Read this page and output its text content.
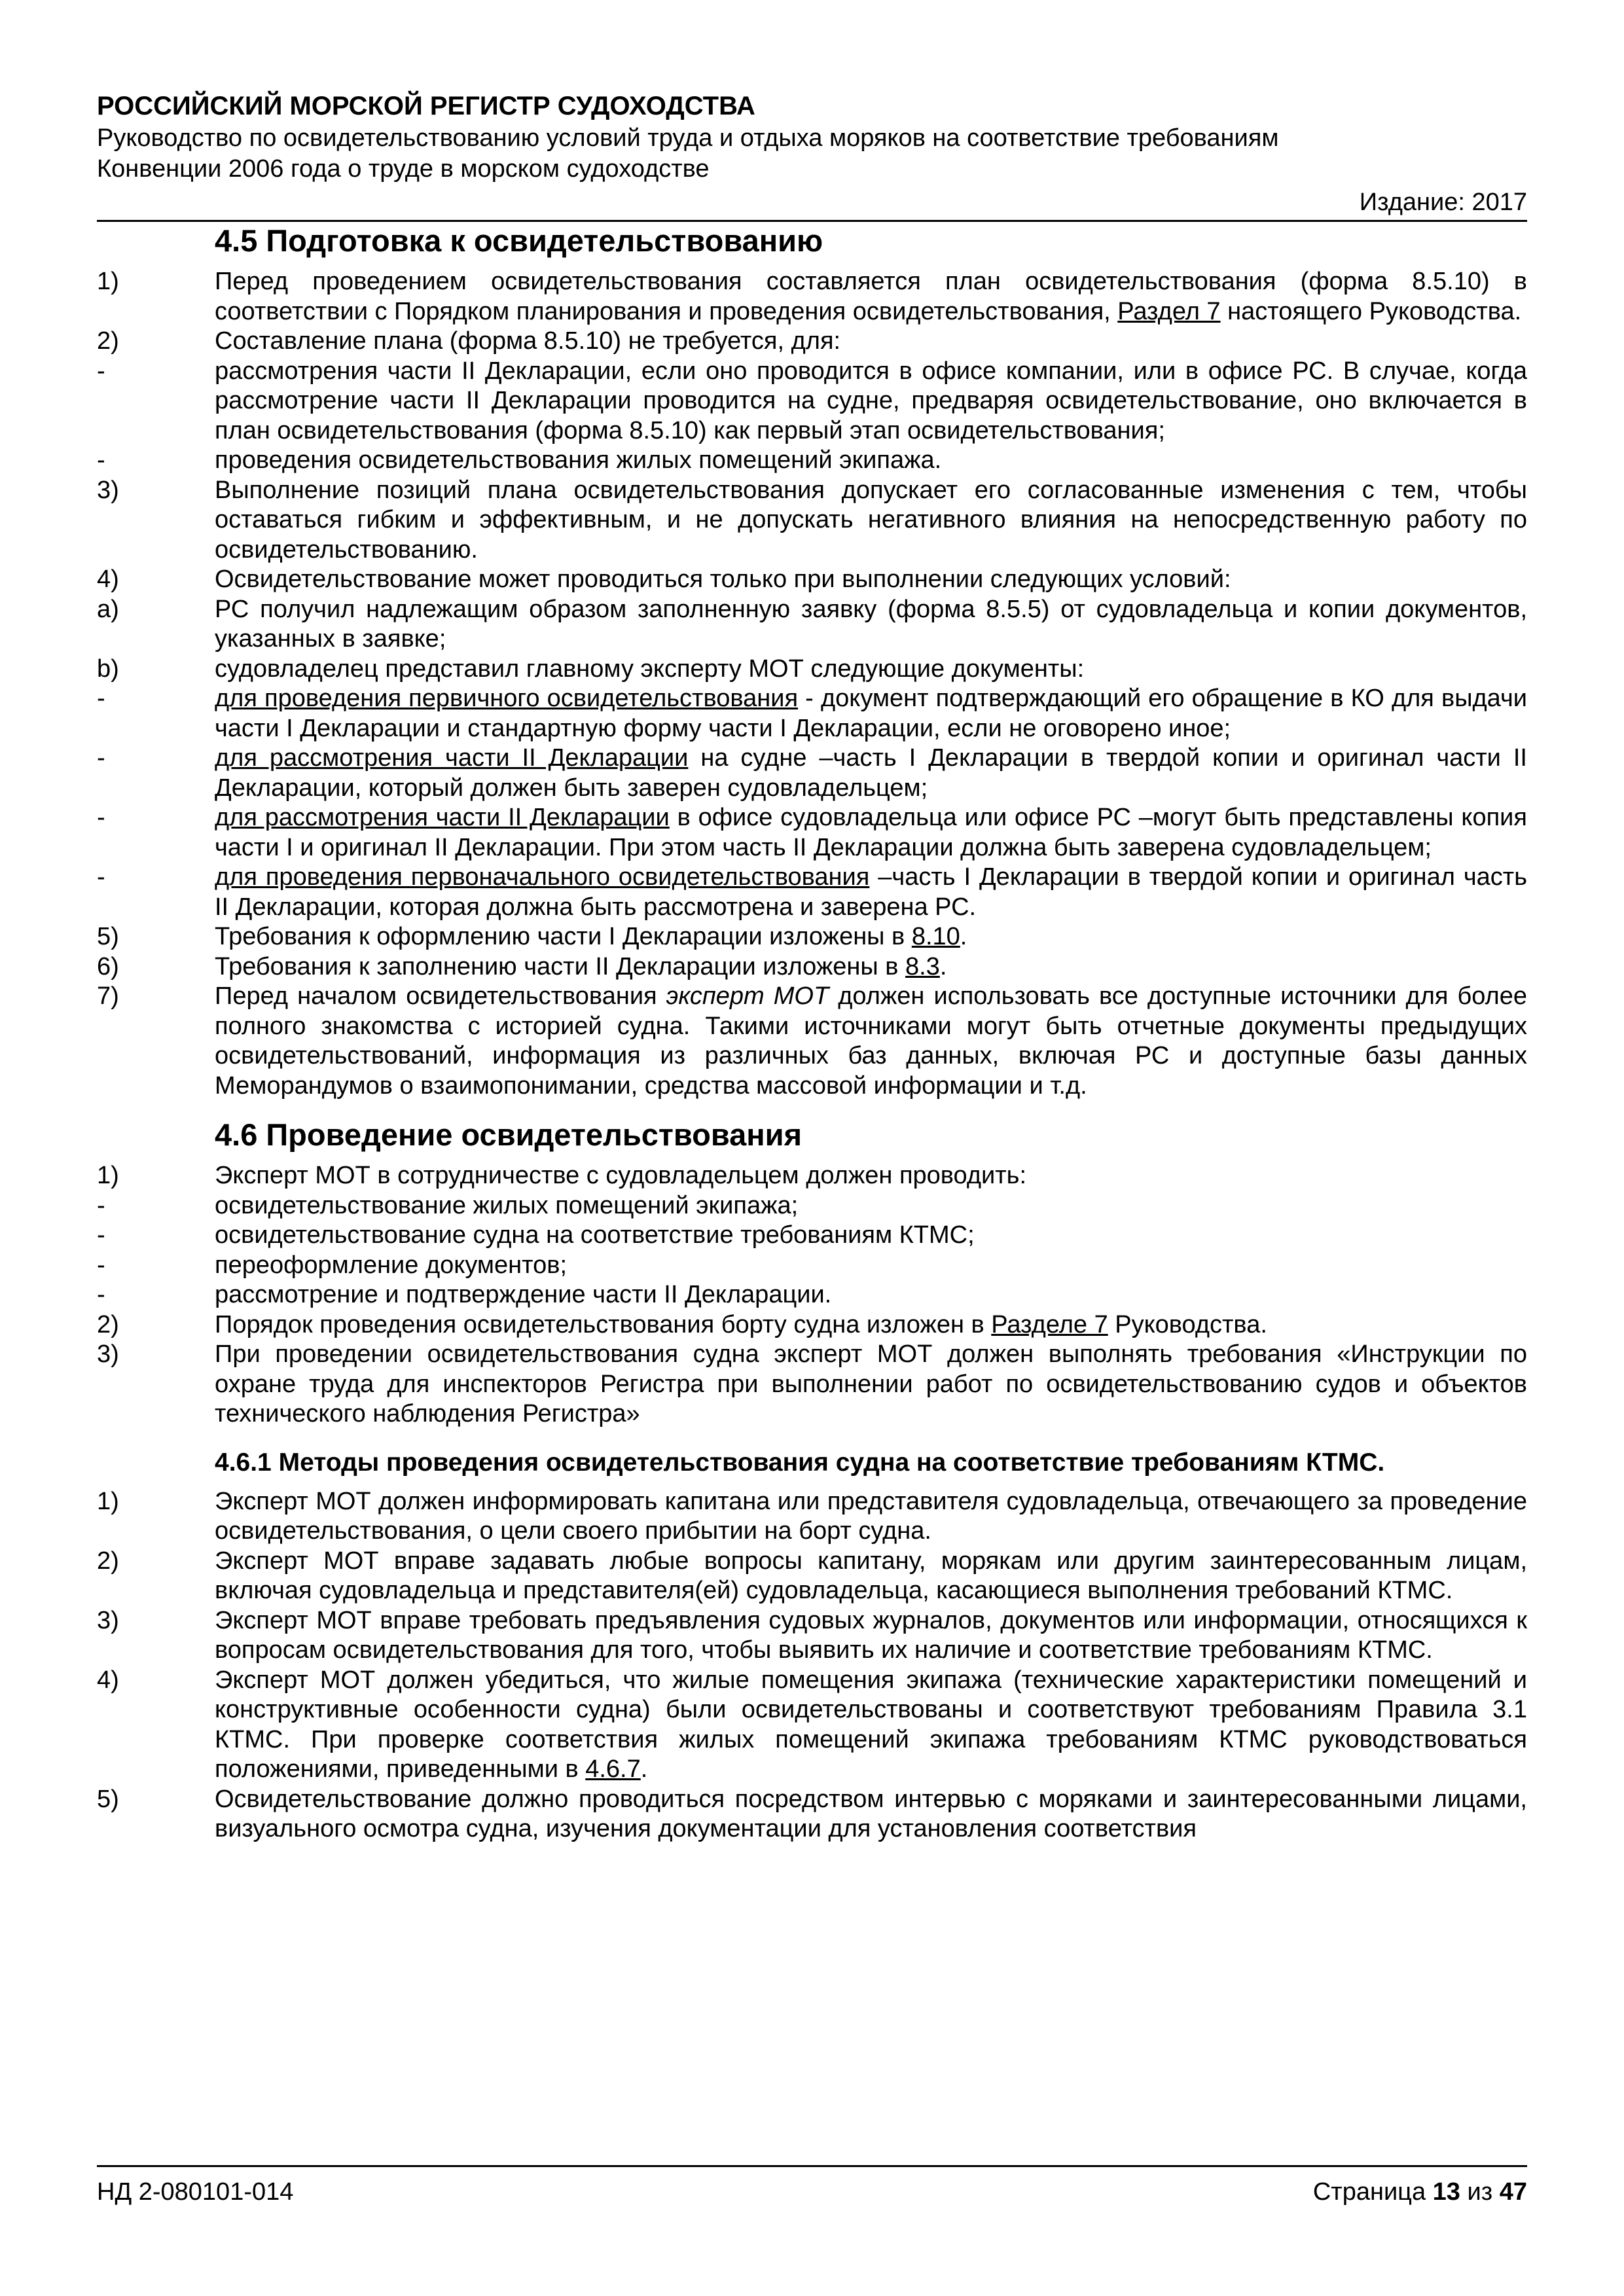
РОССИЙСКИЙ МОРСКОЙ РЕГИСТР СУДОХОДСТВА
Руководство по освидетельствованию условий труда и отдыха моряков на соответствие требованиям
Конвенции 2006 года о труде в морском судоходстве
Издание: 2017
4.5 Подготовка к освидетельствованию
1)	Перед проведением освидетельствования составляется план освидетельствования (форма 8.5.10) в соответствии с Порядком планирования и проведения освидетельствования, Раздел 7 настоящего Руководства.
2)	Составление плана (форма 8.5.10) не требуется, для:
-	рассмотрения части II Декларации, если оно проводится в офисе компании, или в офисе РС. В случае, когда рассмотрение части II Декларации проводится на судне, предваряя освидетельствование, оно включается в план освидетельствования (форма 8.5.10) как первый этап освидетельствования;
-	проведения освидетельствования жилых помещений экипажа.
3)	Выполнение позиций плана освидетельствования допускает его согласованные изменения с тем, чтобы оставаться гибким и эффективным, и не допускать негативного влияния на непосредственную работу по освидетельствованию.
4)	Освидетельствование может проводиться только при выполнении следующих условий:
a)	РС получил надлежащим образом заполненную заявку (форма 8.5.5) от судовладельца и копии документов, указанных в заявке;
b)	судовладелец представил главному эксперту МОТ следующие документы:
-	для проведения первичного освидетельствования - документ подтверждающий его обращение в КО для выдачи части I Декларации и стандартную форму части I Декларации, если не оговорено иное;
-	для рассмотрения части II Декларации на судне –часть I Декларации в твердой копии и оригинал части II Декларации, который должен быть заверен судовладельцем;
-	для рассмотрения части II Декларации в офисе судовладельца или офисе РС –могут быть представлены копия части I и оригинал II Декларации. При этом часть II Декларации должна быть заверена судовладельцем;
-	для проведения первоначального освидетельствования –часть I Декларации в твердой копии и оригинал часть II Декларации, которая должна быть рассмотрена и заверена РС.
5)	Требования к оформлению части I Декларации изложены в 8.10.
6)	Требования к заполнению части II Декларации изложены в 8.3.
7)	Перед началом освидетельствования эксперт МОТ должен использовать все доступные источники для более полного знакомства с историей судна. Такими источниками могут быть отчетные документы предыдущих освидетельствований, информация из различных баз данных, включая РС и доступные базы данных Меморандумов о взаимопонимании, средства массовой информации и т.д.
4.6 Проведение освидетельствования
1)	Эксперт МОТ в сотрудничестве с судовладельцем должен проводить:
-	освидетельствование жилых помещений экипажа;
-	освидетельствование судна на соответствие требованиям КТМС;
-	переоформление документов;
-	рассмотрение и подтверждение части II Декларации.
2)	Порядок проведения освидетельствования борту судна изложен в Разделе 7 Руководства.
3)	При проведении освидетельствования судна эксперт МОТ должен выполнять требования «Инструкции по охране труда для инспекторов Регистра при выполнении работ по освидетельствованию судов и объектов технического наблюдения Регистра»
4.6.1 Методы проведения освидетельствования судна на соответствие требованиям КТМС.
1)	Эксперт МОТ должен информировать капитана или представителя судовладельца, отвечающего за проведение освидетельствования, о цели своего прибытии на борт судна.
2)	Эксперт МОТ вправе задавать любые вопросы капитану, морякам или другим заинтересованным лицам, включая судовладельца и представителя(ей) судовладельца, касающиеся выполнения требований КТМС.
3)	Эксперт МОТ вправе требовать предъявления судовых журналов, документов или информации, относящихся к вопросам освидетельствования для того, чтобы выявить их наличие и соответствие требованиям КТМС.
4)	Эксперт МОТ должен убедиться, что жилые помещения экипажа (технические характеристики помещений и конструктивные особенности судна) были освидетельствованы и соответствуют требованиям Правила 3.1 КТМС. При проверке соответствия жилых помещений экипажа требованиям КТМС руководствоваться положениями, приведенными в 4.6.7.
5)	Освидетельствование должно проводиться посредством интервью с моряками и заинтересованными лицами, визуального осмотра судна, изучения документации для установления соответствия
НД 2-080101-014	Страница 13 из 47
